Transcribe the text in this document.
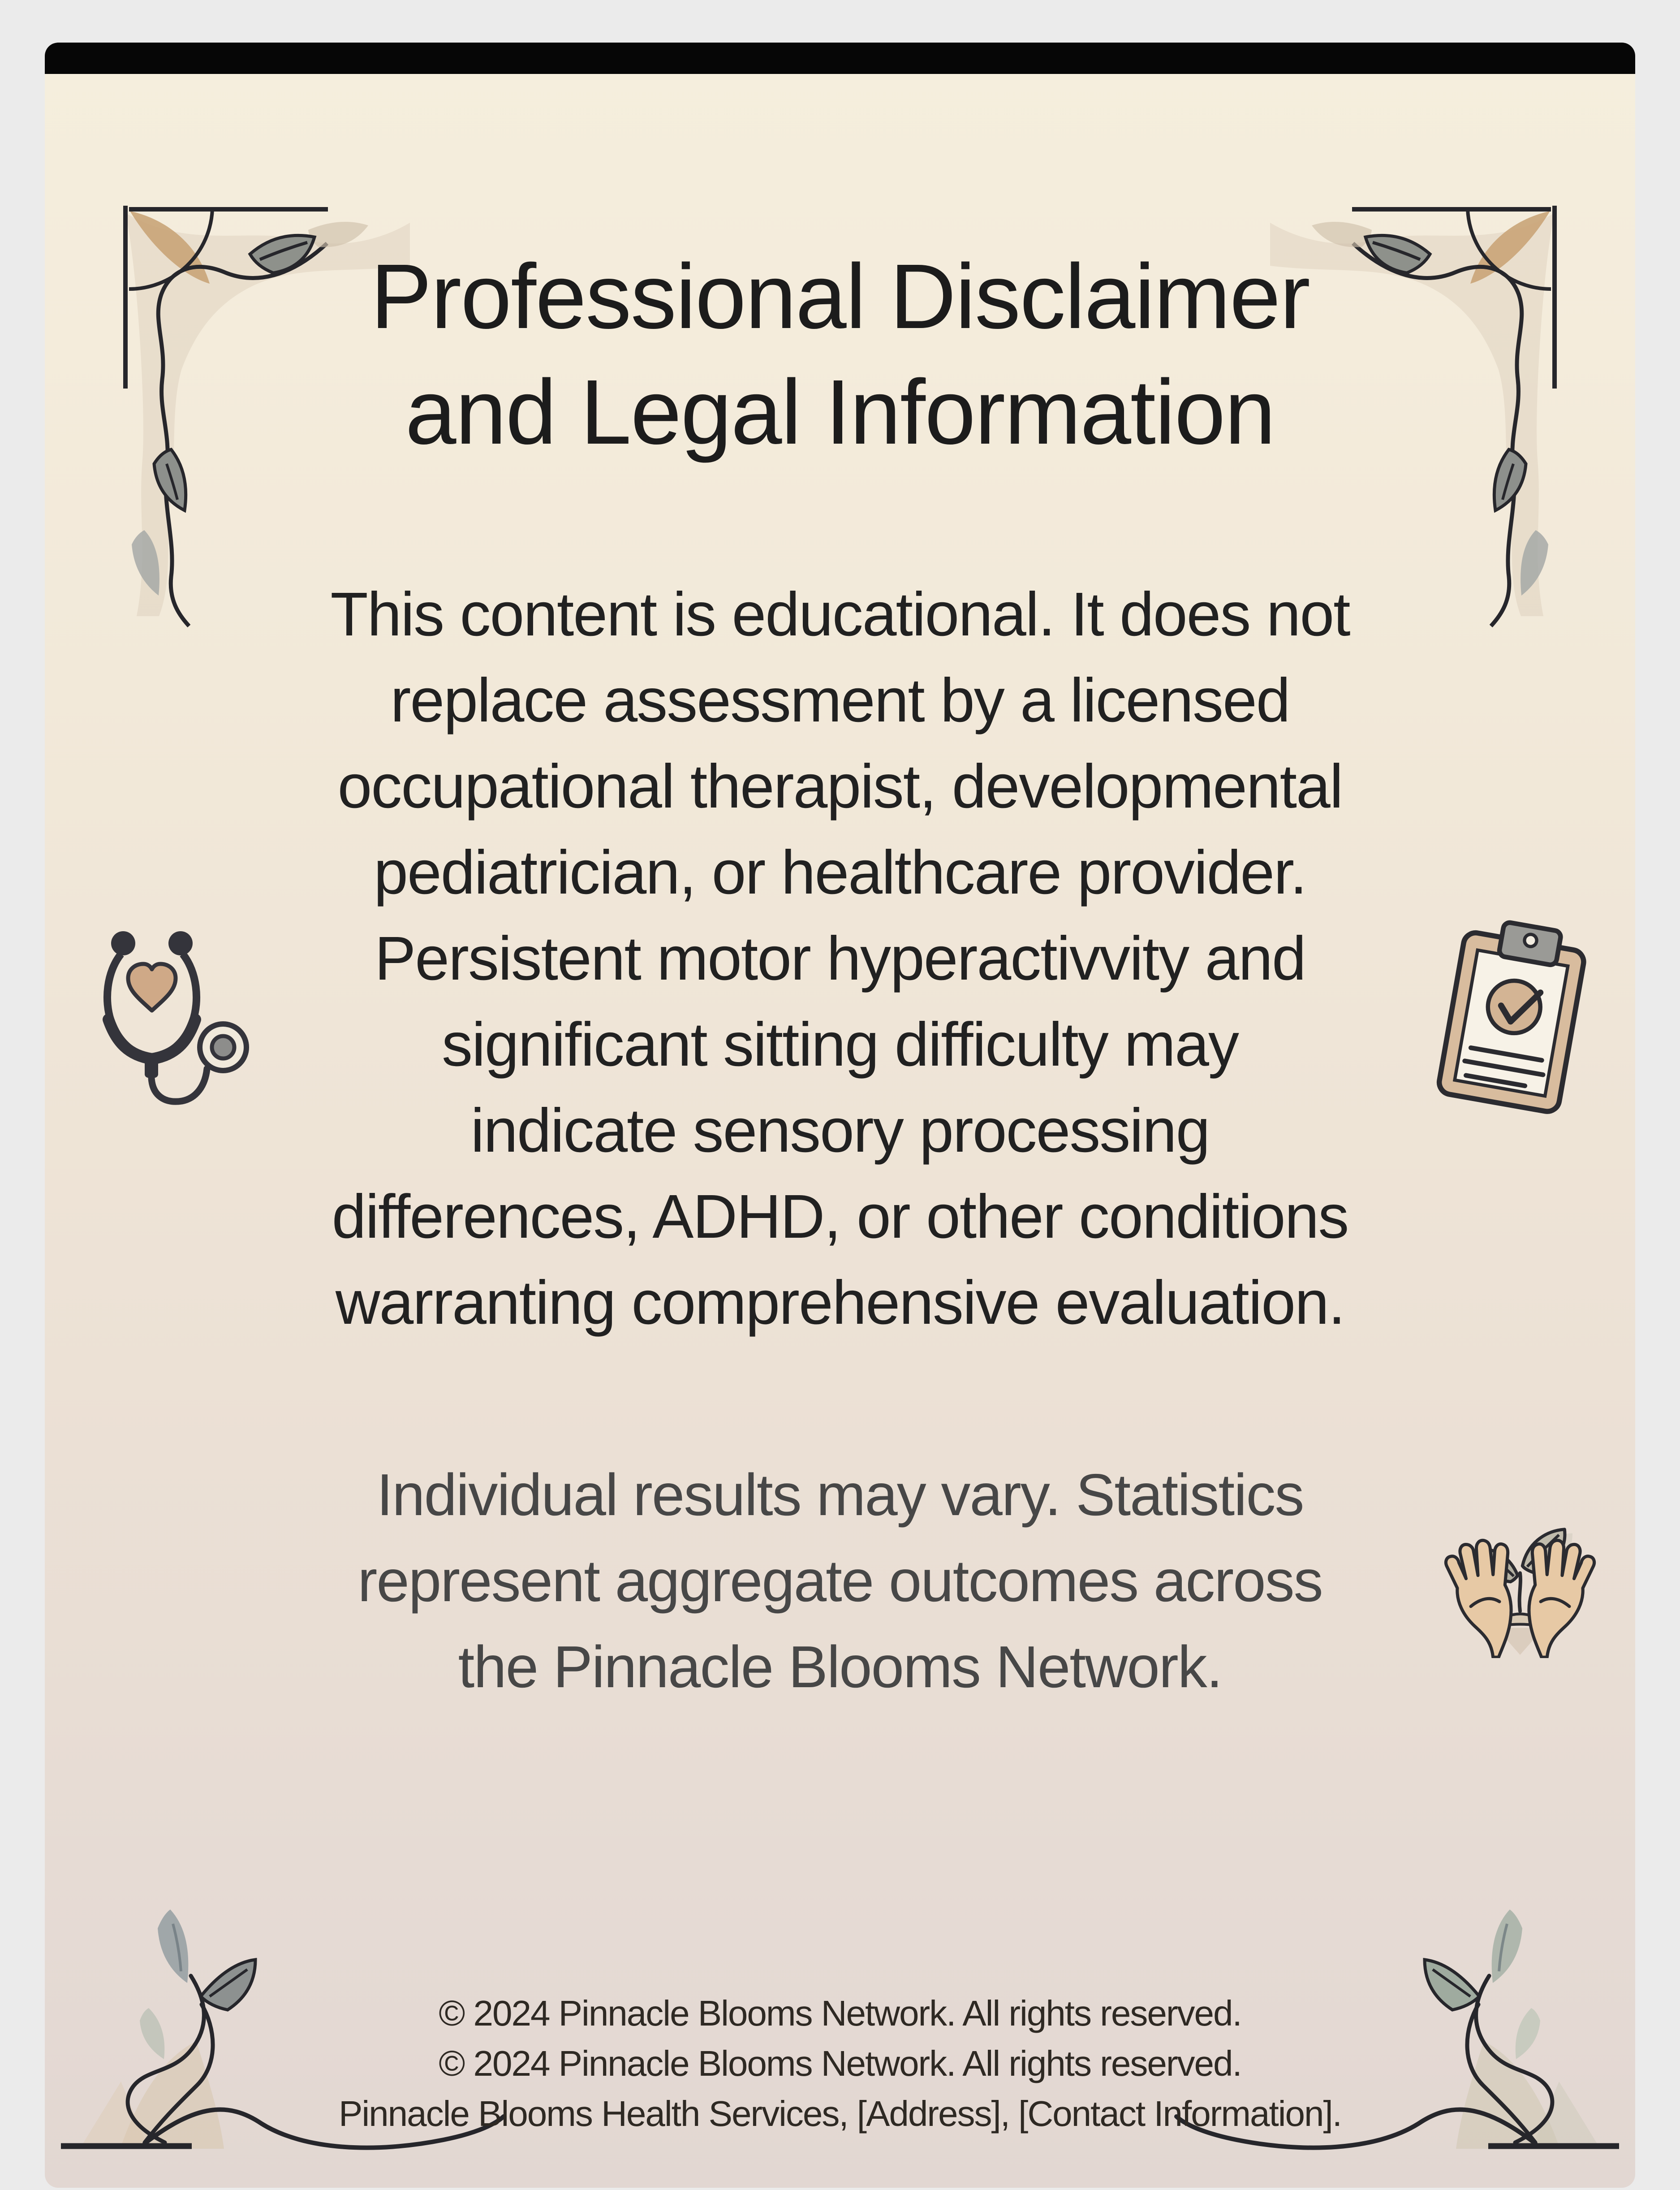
Professional Disclaimer
and Legal Information
This content is educational. It does not
replace assessment by a licensed
occupational therapist, developmental
pediatrician, or healthcare provider.
Persistent motor hyperactivvity and
significant sitting difficulty may
indicate sensory processing
differences, ADHD, or other conditions
warranting comprehensive evaluation.
Individual results may vary. Statistics
represent aggregate outcomes across
the Pinnacle Blooms Network.
© 2024 Pinnacle Blooms Network. All rights reserved.
© 2024 Pinnacle Blooms Network. All rights reserved.
Pinnacle Blooms Health Services, [Address], [Contact Information].
